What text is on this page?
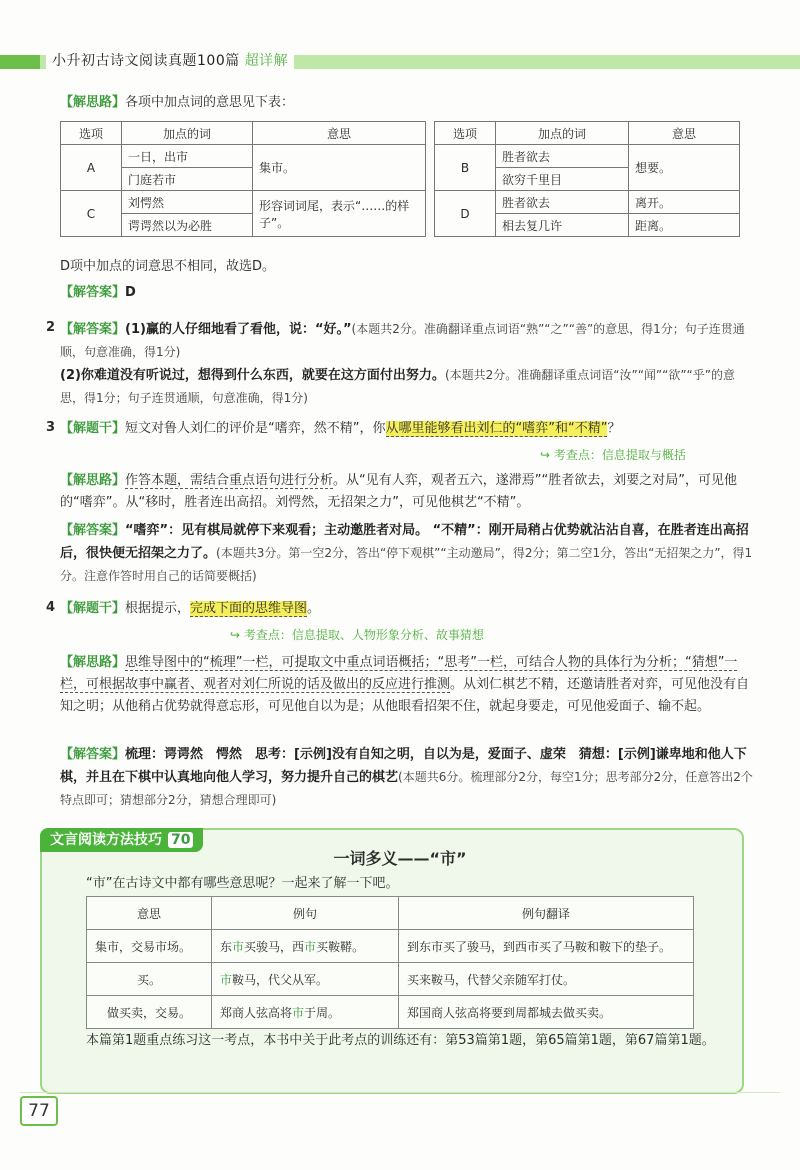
小升初古诗文阅读真题100篇 超详解

【解思路】各项中加点词的意思见下表：

选项	加点的词	意思
A	一日，出市	集市。
	门庭若市	
C	刘愕然	形容词词尾，表示“……的样子”。
	谔谔然以为必胜	
选项	加点的词	意思
B	胜者欲去	想要。
	欲穷千里目	
D	胜者欲去	离开。
	相去复几许	距离。

D项中加点的词意思不相同，故选D。

【解答案】D

2 【解答案】(1)赢的人仔细地看了看他，说：“好。”(本题共2分。准确翻译重点词语“熟”“之”“善”的意思，得1分；句子连贯通顺，句意准确，得1分)

(2)你难道没有听说过，想得到什么东西，就要在这方面付出努力。(本题共2分。准确翻译重点词语“汝”“闻”“欲”“乎”的意思，得1分；句子连贯通顺，句意准确，得1分)

3 【解题干】短文对鲁人刘仁的评价是“嗜弈，然不精”，你从哪里能够看出刘仁的“嗜弈”和“不精”？

↪ 考查点：信息提取与概括

【解思路】作答本题，需结合重点语句进行分析。从“见有人弈，观者五六，遂滞焉”“胜者欲去，刘要之对局”，可见他的“嗜弈”。从“移时，胜者连出高招。刘愕然，无招架之力”，可见他棋艺“不精”。

【解答案】“嗜弈”：见有棋局就停下来观看；主动邀胜者对局。 “不精”：刚开局稍占优势就沾沾自喜，在胜者连出高招后，很快便无招架之力了。(本题共3分。第一空2分，答出“停下观棋”“主动邀局”，得2分；第二空1分，答出“无招架之力”，得1分。注意作答时用自己的话简要概括)

4 【解题干】根据提示，完成下面的思维导图。

↪ 考查点：信息提取、人物形象分析、故事猜想

【解思路】思维导图中的“梳理”一栏，可提取文中重点词语概括；“思考”一栏，可结合人物的具体行为分析；“猜想”一栏，可根据故事中赢者、观者对刘仁所说的话及做出的反应进行推测。从刘仁棋艺不精，还邀请胜者对弈，可见他没有自知之明；从他稍占优势就得意忘形，可见他自以为是；从他眼看招架不住，就起身要走，可见他爱面子、输不起。

【解答案】梳理：谔谔然　愕然　思考：[示例]没有自知之明，自以为是，爱面子、虚荣　猜想：[示例]谦卑地和他人下棋，并且在下棋中认真地向他人学习，努力提升自己的棋艺(本题共6分。梳理部分2分，每空1分；思考部分2分，任意答出2个特点即可；猜想部分2分，猜想合理即可)

文言阅读方法技巧 70
一词多义——“市”
“市”在古诗文中都有哪些意思呢？一起来了解一下吧。
意思	例句	例句翻译
集市，交易市场。	东市买骏马，西市买鞍鞯。	到东市买了骏马，到西市买了马鞍和鞍下的垫子。
买。	市鞍马，代父从军。	买来鞍马，代替父亲随军打仗。
做买卖，交易。	郑商人弦高将市于周。	郑国商人弦高将要到周都城去做买卖。

本篇第1题重点练习这一考点，本书中关于此考点的训练还有：第53篇第1题，第65篇第1题，第67篇第1题。

77
